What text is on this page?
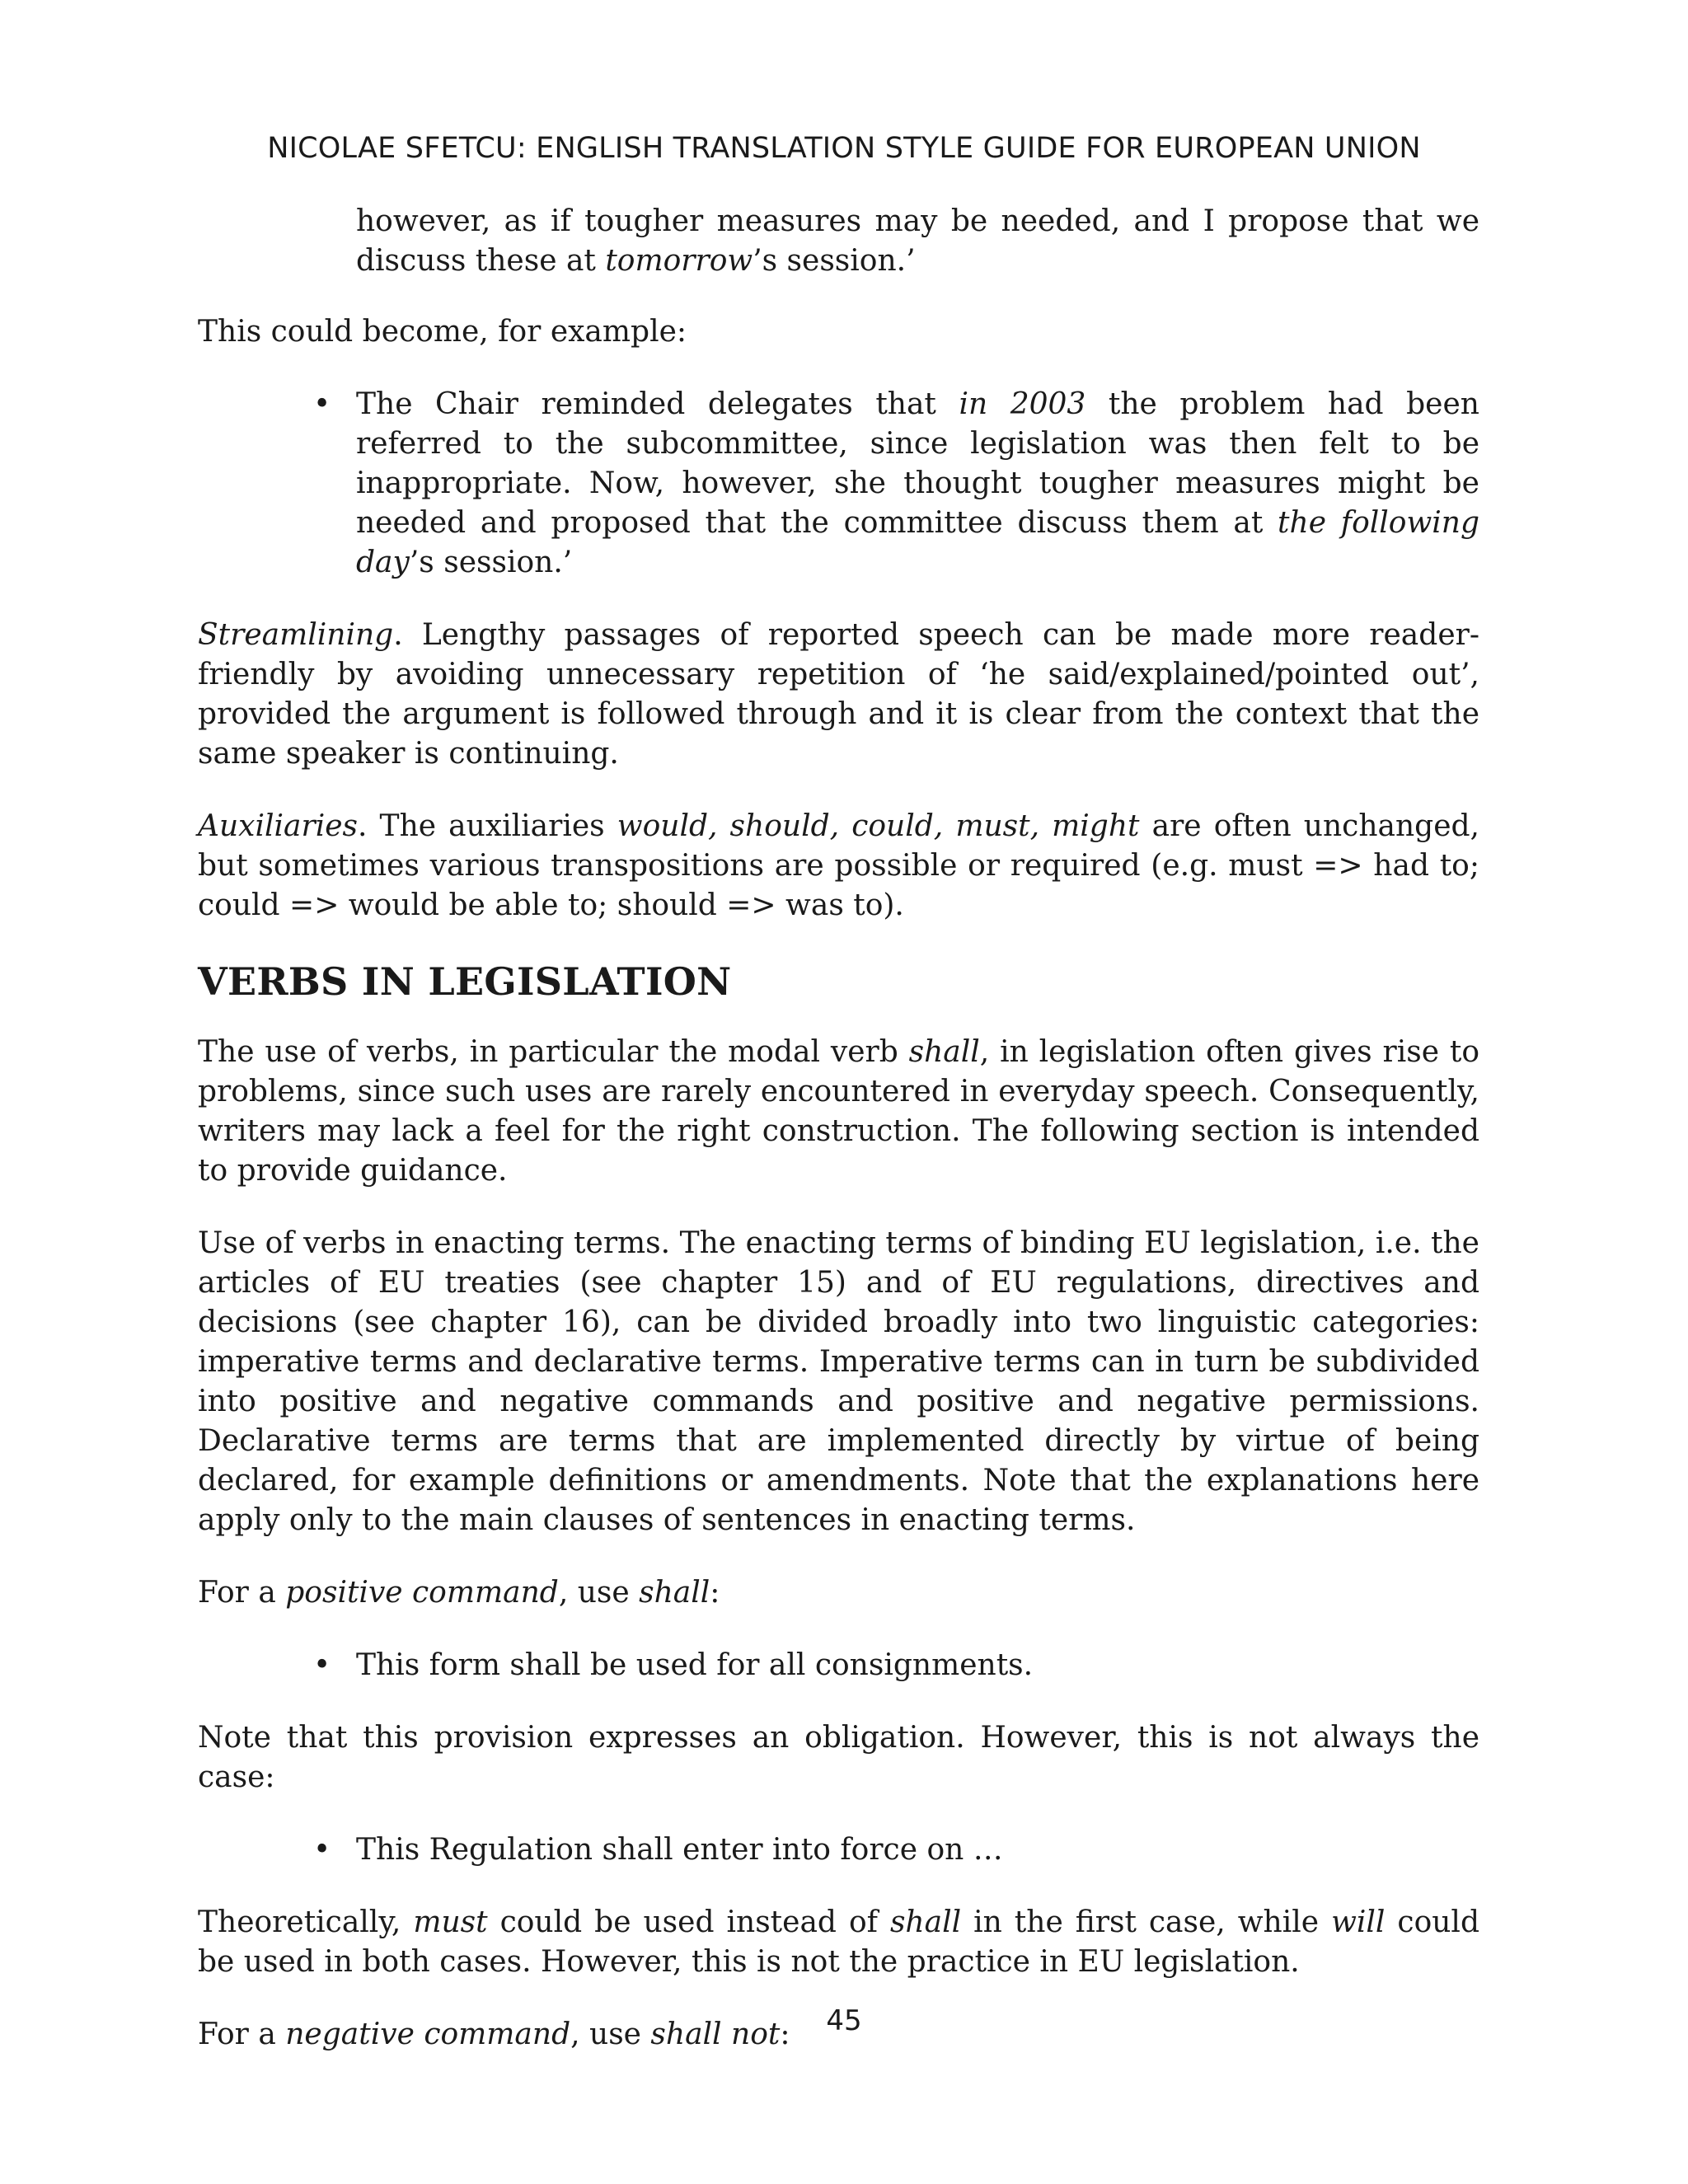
NICOLAE SFETCU: ENGLISH TRANSLATION STYLE GUIDE FOR EUROPEAN UNION

however, as if tougher measures may be needed, and I propose that we discuss these at tomorrow’s session.’

This could become, for example:

• The Chair reminded delegates that in 2003 the problem had been referred to the subcommittee, since legislation was then felt to be inappropriate. Now, however, she thought tougher measures might be needed and proposed that the committee discuss them at the following day’s session.’

Streamlining. Lengthy passages of reported speech can be made more reader-friendly by avoiding unnecessary repetition of ‘he said/explained/pointed out’, provided the argument is followed through and it is clear from the context that the same speaker is continuing.

Auxiliaries. The auxiliaries would, should, could, must, might are often unchanged, but sometimes various transpositions are possible or required (e.g. must => had to; could => would be able to; should => was to).

VERBS IN LEGISLATION

The use of verbs, in particular the modal verb shall, in legislation often gives rise to problems, since such uses are rarely encountered in everyday speech. Consequently, writers may lack a feel for the right construction. The following section is intended to provide guidance.

Use of verbs in enacting terms. The enacting terms of binding EU legislation, i.e. the articles of EU treaties (see chapter 15) and of EU regulations, directives and decisions (see chapter 16), can be divided broadly into two linguistic categories: imperative terms and declarative terms. Imperative terms can in turn be subdivided into positive and negative commands and positive and negative permissions. Declarative terms are terms that are implemented directly by virtue of being declared, for example definitions or amendments. Note that the explanations here apply only to the main clauses of sentences in enacting terms.

For a positive command, use shall:

• This form shall be used for all consignments.

Note that this provision expresses an obligation. However, this is not always the case:

• This Regulation shall enter into force on …

Theoretically, must could be used instead of shall in the first case, while will could be used in both cases. However, this is not the practice in EU legislation.

For a negative command, use shall not:	45
